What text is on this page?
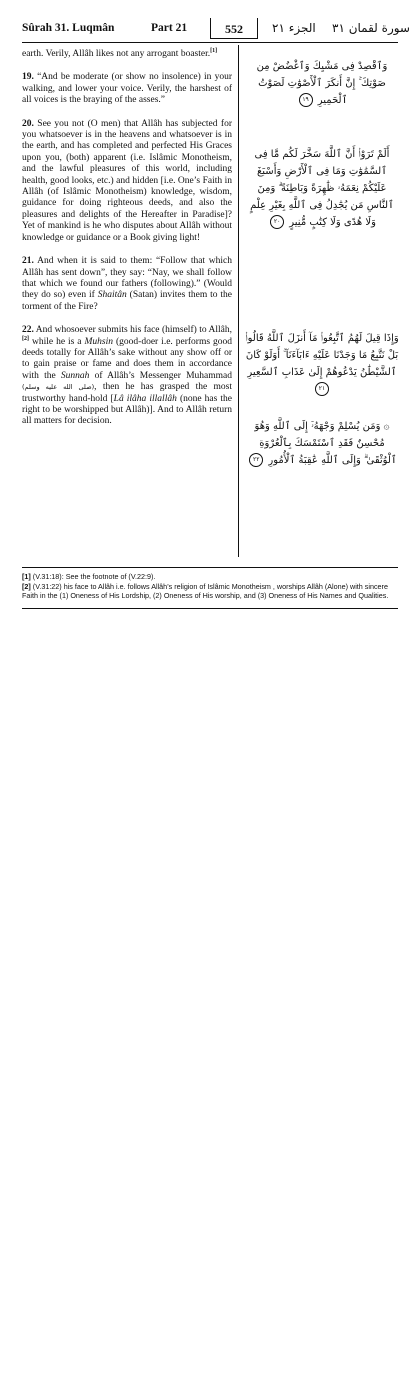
Sûrah 31. Luqmân	Part 21	552	الجزء ٢١ سورة لقمان ٣١

earth. Verily, Allâh likes not any arrogant boaster.[1]

19. “And be moderate (or show no insolence) in your walking, and lower your voice. Verily, the harshest of all voices is the braying of the asses.”

20. See you not (O men) that Allâh has subjected for you whatsoever is in the heavens and whatsoever is in the earth, and has completed and perfected His Graces upon you, (both) apparent (i.e. Islâmic Monotheism, and the lawful pleasures of this world, including health, good looks, etc.) and hidden [i.e. One’s Faith in Allâh (of Islâmic Monotheism) knowledge, wisdom, guidance for doing righteous deeds, and also the pleasures and delights of the Hereafter in Paradise]? Yet of mankind is he who disputes about Allâh without knowledge or guidance or a Book giving light!

21. And when it is said to them: “Follow that which Allâh has sent down”, they say: “Nay, we shall follow that which we found our fathers (following).” (Would they do so) even if Shaitân (Satan) invites them to the torment of the Fire?

22. And whosoever submits his face (himself) to Allâh,[2] while he is a Muhsin (good-doer i.e. performs good deeds totally for Allâh’s sake without any show off or to gain praise or fame and does them in accordance with the Sunnah of Allâh’s Messenger Muhammad (صلى الله عليه وسلم), then he has grasped the most trustworthy hand-hold [Lâ ilâha illallâh (none has the right to be worshipped but Allâh)]. And to Allâh return all matters for decision.

وَٱقْصِدْ فِى مَشْيِكَ وَٱغْضُضْ مِن صَوْتِكَ ۚ إِنَّ أَنكَرَ ٱلْأَصْوَٰتِ لَصَوْتُ ٱلْحَمِيرِ ١٩
أَلَمْ تَرَوْا۟ أَنَّ ٱللَّهَ سَخَّرَ لَكُم مَّا فِى ٱلسَّمَٰوَٰتِ وَمَا فِى ٱلْأَرْضِ وَأَسْبَغَ عَلَيْكُمْ نِعَمَهُۥ ظَٰهِرَةً وَبَاطِنَةً ۗ وَمِنَ ٱلنَّاسِ مَن يُجَٰدِلُ فِى ٱللَّهِ بِغَيْرِ عِلْمٍ وَلَا هُدًى وَلَا كِتَٰبٍ مُّنِيرٍ ٢٠
وَإِذَا قِيلَ لَهُمُ ٱتَّبِعُوا۟ مَآ أَنزَلَ ٱللَّهُ قَالُوا۟ بَلْ نَتَّبِعُ مَا وَجَدْنَا عَلَيْهِ ءَابَآءَنَآ ۚ أَوَلَوْ كَانَ ٱلشَّيْطَٰنُ يَدْعُوهُمْ إِلَىٰ عَذَابِ ٱلسَّعِيرِ ٢١
۞ وَمَن يُسْلِمْ وَجْهَهُۥٓ إِلَى ٱللَّهِ وَهُوَ مُحْسِنٌ فَقَدِ ٱسْتَمْسَكَ بِٱلْعُرْوَةِ ٱلْوُثْقَىٰ ۗ وَإِلَى ٱللَّهِ عَٰقِبَةُ ٱلْأُمُورِ ٢٢

[1] (V.31:18): See the footnote of (V.22:9).

[2] (V.31:22) his face to Allâh i.e. follows Allâh’s religion of Islâmic Monotheism , worships Allâh (Alone) with sincere Faith in the (1) Oneness of His Lordship, (2) Oneness of His worship, and (3) Oneness of His Names and Qualities.
